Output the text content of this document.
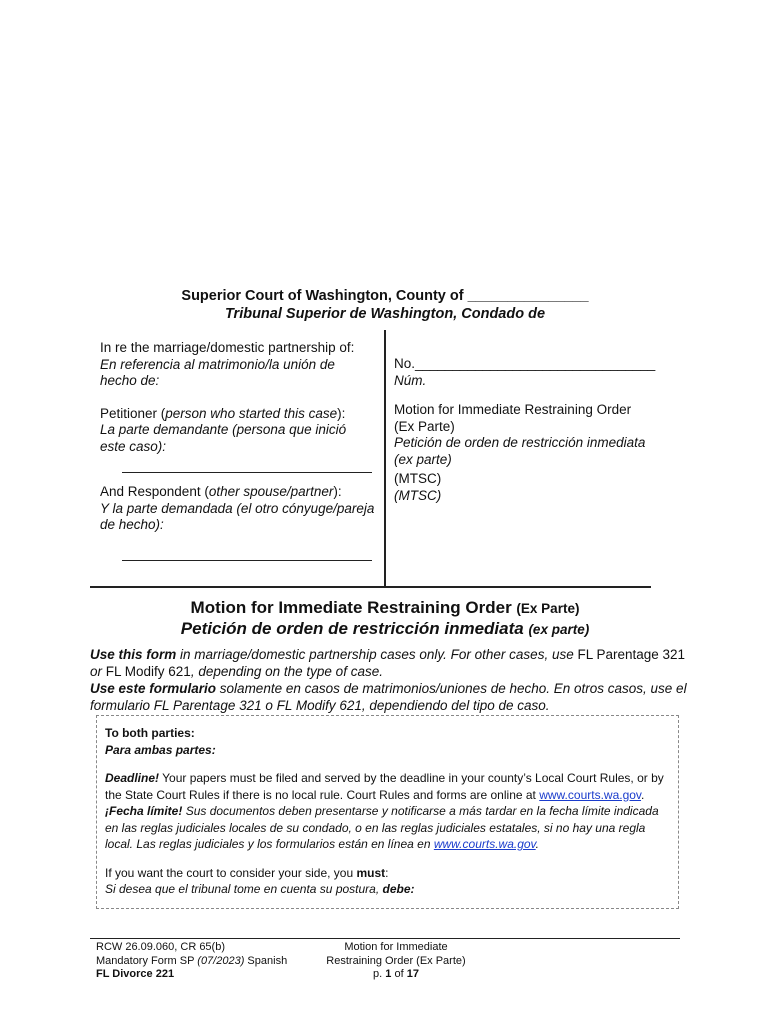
Superior Court of Washington, County of _______________
Tribunal Superior de Washington, Condado de

In re the marriage/domestic partnership of:

En referencia al matrimonio/la unión de hecho de:

Petitioner (person who started this case):

La parte demandante (persona que inició este caso):

And Respondent (other spouse/partner):

Y la parte demandada (el otro cónyuge/pareja de hecho):

No.________________________________

Núm.

Motion for Immediate Restraining Order

(Ex Parte)

Petición de orden de restricción inmediata

(ex parte)

(MTSC)

(MTSC)

Motion for Immediate Restraining Order (Ex Parte)
Petición de orden de restricción inmediata (ex parte)

Use this form in marriage/domestic partnership cases only. For other cases, use FL Parentage 321 or FL Modify 621, depending on the type of case.

Use este formulario solamente en casos de matrimonios/uniones de hecho. En otros casos, use el formulario FL Parentage 321 o FL Modify 621, dependiendo del tipo de caso.

To both parties:

Para ambas partes:

Deadline! Your papers must be filed and served by the deadline in your county’s Local Court Rules, or by the State Court Rules if there is no local rule. Court Rules and forms are online at www.courts.wa.gov.

¡Fecha límite! Sus documentos deben presentarse y notificarse a más tardar en la fecha límite indicada en las reglas judiciales locales de su condado, o en las reglas judiciales estatales, si no hay una regla local. Las reglas judiciales y los formularios están en línea en www.courts.wa.gov.

If you want the court to consider your side, you must:

Si desea que el tribunal tome en cuenta su postura, debe:

RCW 26.09.060, CR 65(b)

Mandatory Form SP (07/2023) Spanish

FL Divorce 221

Motion for Immediate

Restraining Order (Ex Parte)

p. 1 of 17
